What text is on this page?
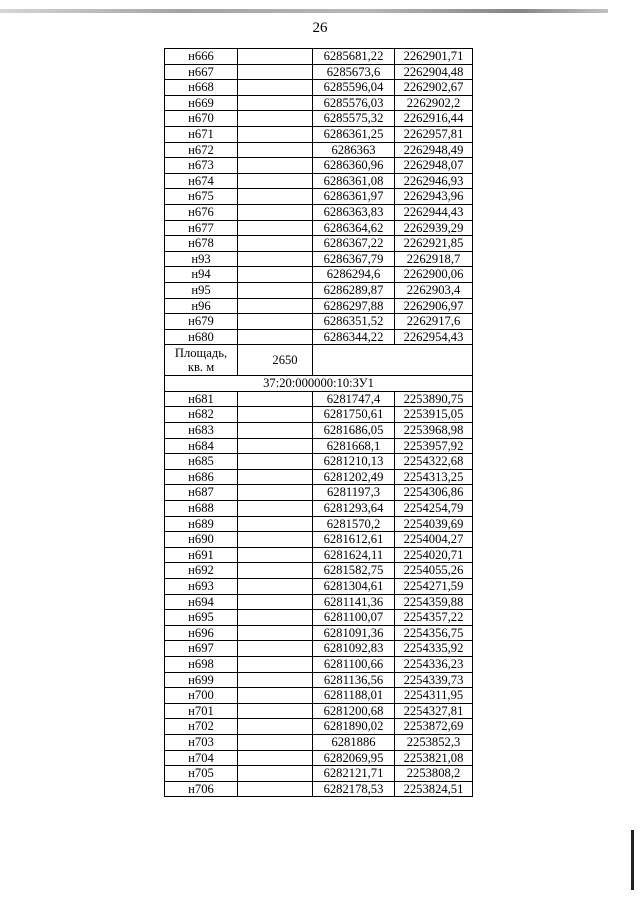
26
н666		6285681,22	2262901,71
н667		6285673,6	2262904,48
н668		6285596,04	2262902,67
н669		6285576,03	2262902,2
н670		6285575,32	2262916,44
н671		6286361,25	2262957,81
н672		6286363	2262948,49
н673		6286360,96	2262948,07
н674		6286361,08	2262946,93
н675		6286361,97	2262943,96
н676		6286363,83	2262944,43
н677		6286364,62	2262939,29
н678		6286367,22	2262921,85
н93		6286367,79	2262918,7
н94		6286294,6	2262900,06
н95		6286289,87	2262903,4
н96		6286297,88	2262906,97
н679		6286351,52	2262917,6
н680		6286344,22	2262954,43
Площадь,
кв. м	2650		
37:20:000000:10:ЗУ1			
н681		6281747,4	2253890,75
н682		6281750,61	2253915,05
н683		6281686,05	2253968,98
н684		6281668,1	2253957,92
н685		6281210,13	2254322,68
н686		6281202,49	2254313,25
н687		6281197,3	2254306,86
н688		6281293,64	2254254,79
н689		6281570,2	2254039,69
н690		6281612,61	2254004,27
н691		6281624,11	2254020,71
н692		6281582,75	2254055,26
н693		6281304,61	2254271,59
н694		6281141,36	2254359,88
н695		6281100,07	2254357,22
н696		6281091,36	2254356,75
н697		6281092,83	2254335,92
н698		6281100,66	2254336,23
н699		6281136,56	2254339,73
н700		6281188,01	2254311,95
н701		6281200,68	2254327,81
н702		6281890,02	2253872,69
н703		6281886	2253852,3
н704		6282069,95	2253821,08
н705		6282121,71	2253808,2
н706		6282178,53	2253824,51
